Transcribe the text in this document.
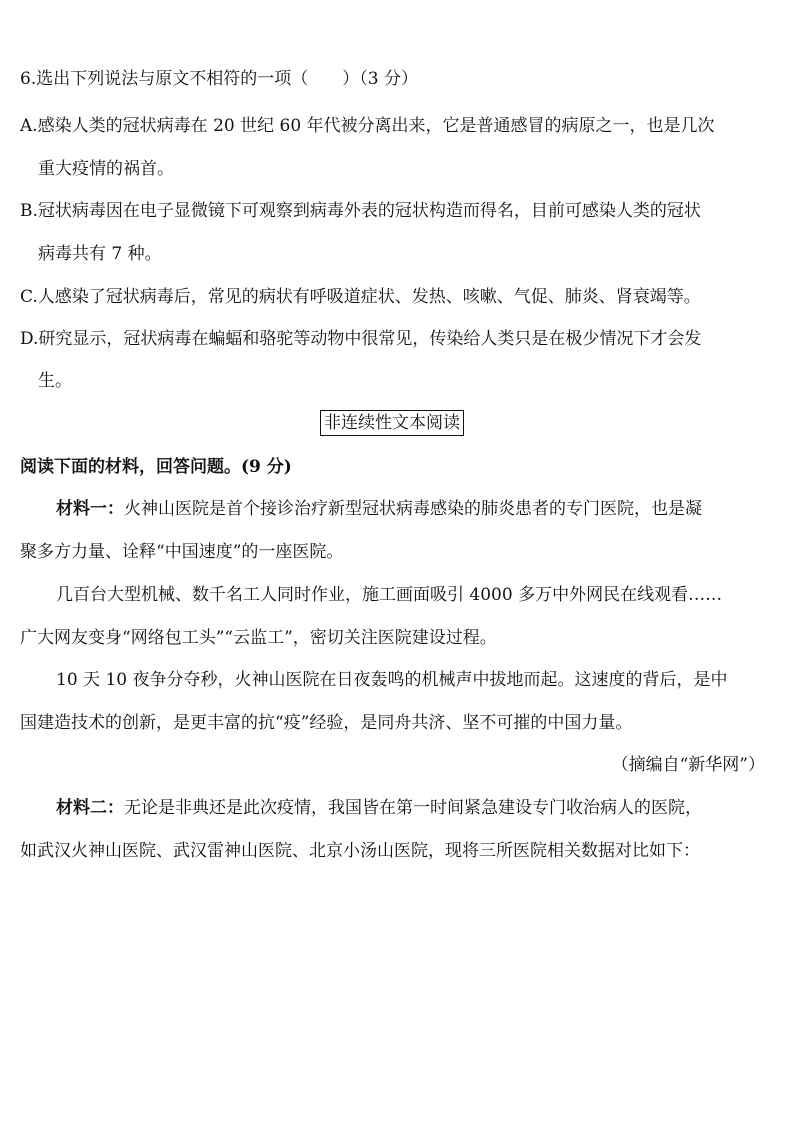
6.选出下列说法与原文不相符的一项（　　）（3 分）
A.感染人类的冠状病毒在 20 世纪 60 年代被分离出来，它是普通感冒的病原之一，也是几次
重大疫情的祸首。
B.冠状病毒因在电子显微镜下可观察到病毒外表的冠状构造而得名，目前可感染人类的冠状
病毒共有 7 种。
C.人感染了冠状病毒后，常见的病状有呼吸道症状、发热、咳嗽、气促、肺炎、肾衰竭等。
D.研究显示，冠状病毒在蝙蝠和骆驼等动物中很常见，传染给人类只是在极少情况下才会发
生。
非连续性文本阅读
阅读下面的材料，回答问题。(9 分)
材料一：火神山医院是首个接诊治疗新型冠状病毒感染的肺炎患者的专门医院，也是凝
聚多方力量、诠释“中国速度”的一座医院。
几百台大型机械、数千名工人同时作业，施工画面吸引 4000 多万中外网民在线观看……
广大网友变身“网络包工头”“云监工”，密切关注医院建设过程。
10 天 10 夜争分夺秒，火神山医院在日夜轰鸣的机械声中拔地而起。这速度的背后，是中
国建造技术的创新，是更丰富的抗“疫”经验，是同舟共济、坚不可摧的中国力量。
（摘编自“新华网”）
材料二：无论是非典还是此次疫情，我国皆在第一时间紧急建设专门收治病人的医院，
如武汉火神山医院、武汉雷神山医院、北京小汤山医院，现将三所医院相关数据对比如下：
